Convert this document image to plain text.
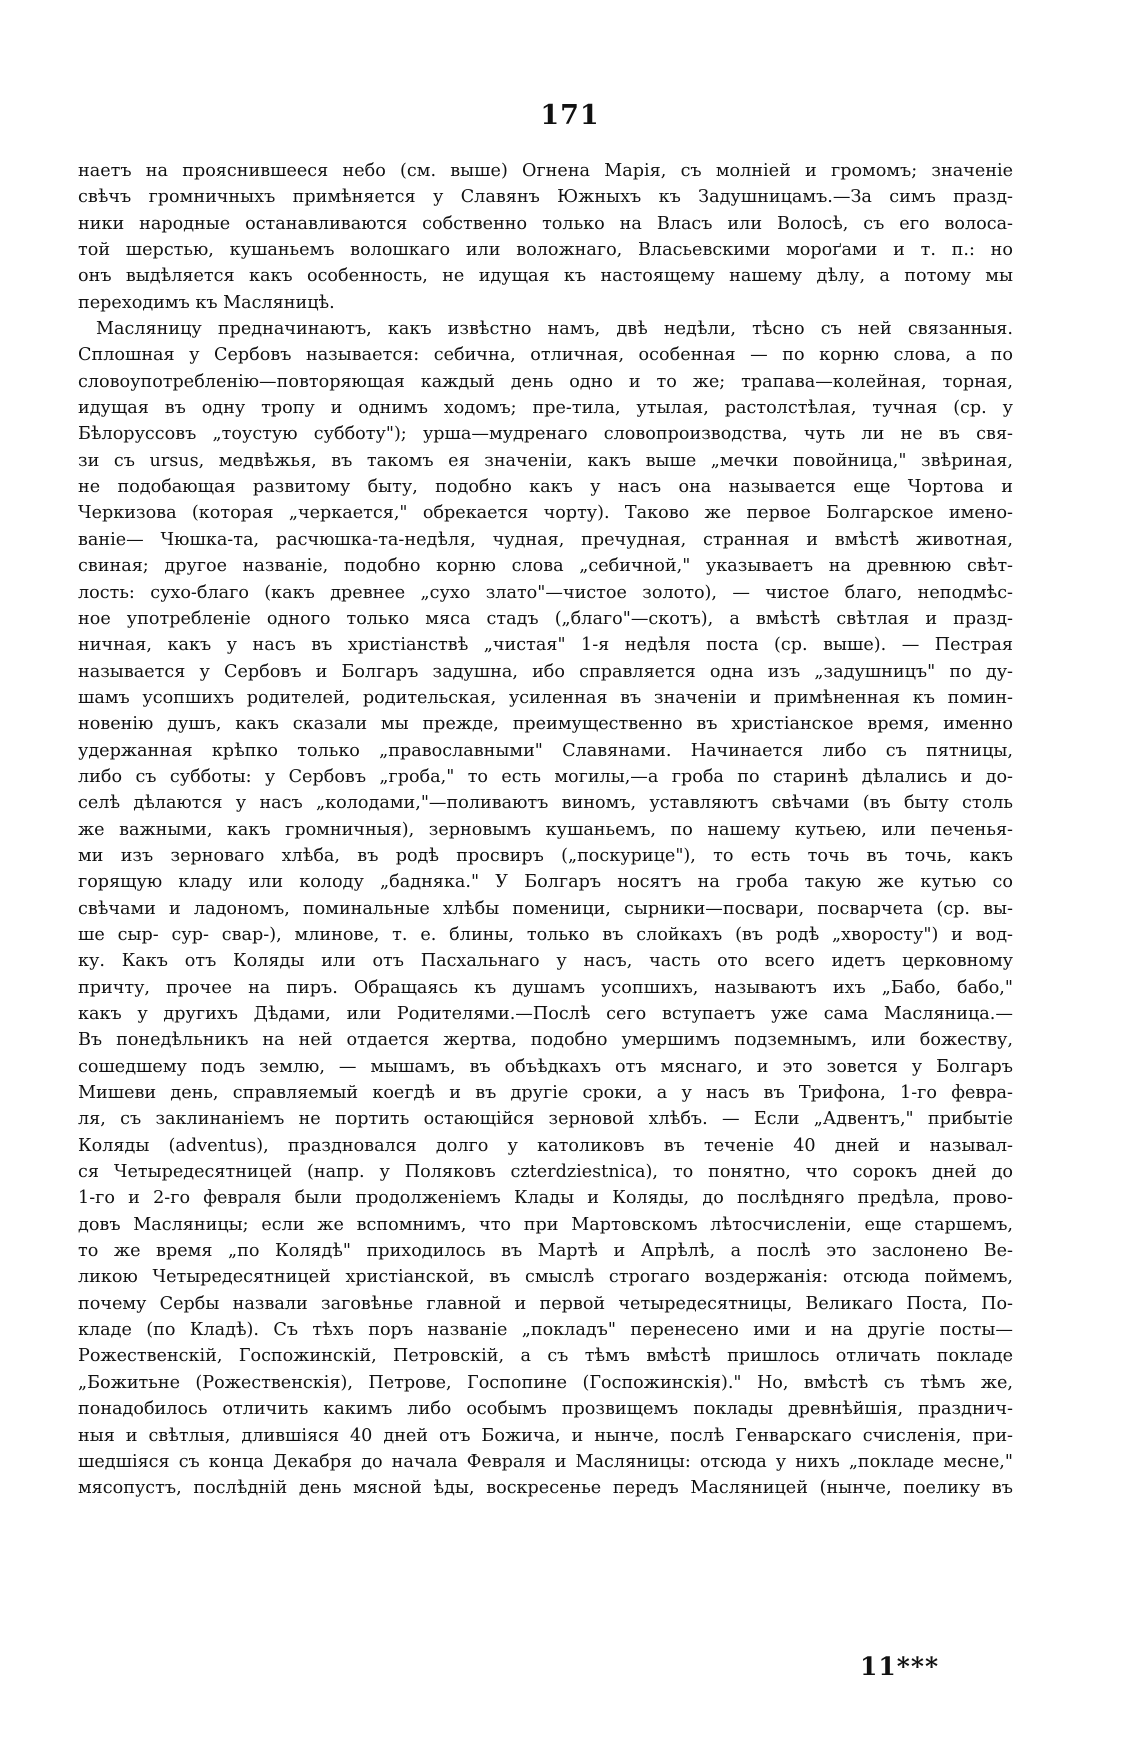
171
наетъ на прояснившееся небо (см. выше) Огнена Марія, съ молніей и громомъ; значеніе
свѣчъ громничныхъ примѣняется у Славянъ Южныхъ къ Задушницамъ.—За симъ празд-
ники народные останавливаются собственно только на Власъ или Волосѣ, съ его волоса-
той шерстью, кушаньемъ волошкаго или воложнаго, Власьевскими мороґами и т. п.: но
онъ выдѣляется какъ особенность, не идущая къ настоящему нашему дѣлу, а потому мы
переходимъ къ Масляницѣ.
Масляницу предначинаютъ, какъ извѣстно намъ, двѣ недѣли, тѣсно съ ней связанныя.
Сплошная у Сербовъ называется: себична, отличная, особенная — по корню слова, а по
словоупотребленію—повторяющая каждый день одно и то же; трапава—колейная, торная,
идущая въ одну тропу и однимъ ходомъ; пре-тила, утылая, растолстѣлая, тучная (ср. у
Бѣлоруссовъ „тоустую субботу"); урша—мудренаго словопроизводства, чуть ли не въ свя-
зи съ ursus, медвѣжья, въ такомъ ея значеніи, какъ выше „мечки повойница," звѣриная,
не подобающая развитому быту, подобно какъ у насъ она называется еще Чортова и
Черкизова (которая „черкается," обрекается чорту). Таково же первое Болгарское имено-
ваніе— Чюшка-та, расчюшка-та-недѣля, чудная, пречудная, странная и вмѣстѣ животная,
свиная; другое названіе, подобно корню слова „себичной," указываетъ на древнюю свѣт-
лость: сухо-благо (какъ древнее „сухо злато"—чистое золото), — чистое благо, неподмѣс-
ное употребленіе одного только мяса стадъ („благо"—скотъ), а вмѣстѣ свѣтлая и празд-
ничная, какъ у насъ въ христіанствѣ „чистая" 1-я недѣля поста (ср. выше). — Пестрая
называется у Сербовъ и Болгаръ задушна, ибо справляется одна изъ „задушницъ" по ду-
шамъ усопшихъ родителей, родительская, усиленная въ значеніи и примѣненная къ помин-
новенію душъ, какъ сказали мы прежде, преимущественно въ христіанское время, именно
удержанная крѣпко только „православными" Славянами. Начинается либо съ пятницы,
либо съ субботы: у Сербовъ „гроба," то есть могилы,—а гроба по старинѣ дѣлались и до-
селѣ дѣлаются у насъ „колодами,"—поливаютъ виномъ, уставляютъ свѣчами (въ быту столь
же важными, какъ громничныя), зерновымъ кушаньемъ, по нашему кутьею, или печенья-
ми изъ зерноваго хлѣба, въ родѣ просвиръ („поскурице"), то есть точь въ точь, какъ
горящую кладу или колоду „бадняка." У Болгаръ носятъ на гроба такую же кутью со
свѣчами и ладономъ, поминальные хлѣбы поменици, сырники—посвари, посварчета (ср. вы-
ше сыр- сур- свар-), млинове, т. е. блины, только въ слойкахъ (въ родѣ „хворосту") и вод-
ку. Какъ отъ Коляды или отъ Пасхальнаго у насъ, часть ото всего идетъ церковному
причту, прочее на пиръ. Обращаясь къ душамъ усопшихъ, называютъ ихъ „Бабо, бабо,"
какъ у другихъ Дѣдами, или Родителями.—Послѣ сего вступаетъ уже сама Масляница.—
Въ понедѣльникъ на ней отдается жертва, подобно умершимъ подземнымъ, или божеству,
сошедшему подъ землю, — мышамъ, въ объѣдкахъ отъ мяснаго, и это зовется у Болгаръ
Мишеви день, справляемый коегдѣ и въ другіе сроки, а у насъ въ Трифона, 1-го февра-
ля, съ заклинаніемъ не портить остающійся зерновой хлѣбъ. — Если „Адвентъ," прибытіе
Коляды (adventus), праздновался долго у католиковъ въ теченіе 40 дней и называл-
ся Четыредесятницей (напр. у Поляковъ czterdziestnica), то понятно, что сорокъ дней до
1-го и 2-го февраля были продолженіемъ Клады и Коляды, до послѣдняго предѣла, прово-
довъ Масляницы; если же вспомнимъ, что при Мартовскомъ лѣтосчисленіи, еще старшемъ,
то же время „по Колядѣ" приходилось въ Мартѣ и Апрѣлѣ, а послѣ это заслонено Ве-
ликою Четыредесятницей христіанской, въ смыслѣ строгаго воздержанія: отсюда поймемъ,
почему Сербы назвали заговѣнье главной и первой четыредесятницы, Великаго Поста, По-
кладе (по Кладѣ). Съ тѣхъ поръ названіе „покладъ" перенесено ими и на другіе посты—
Рожественскій, Госпожинскій, Петровскій, а съ тѣмъ вмѣстѣ пришлось отличать покладе
„Божитьне (Рожественскія), Петрове, Госпопине (Госпожинскія)." Но, вмѣстѣ съ тѣмъ же,
понадобилось отличить какимъ либо особымъ прозвищемъ поклады древнѣйшія, празднич-
ныя и свѣтлыя, длившіяся 40 дней отъ Божича, и нынче, послѣ Генварскаго счисленія, при-
шедшіяся съ конца Декабря до начала Февраля и Масляницы: отсюда у нихъ „покладе месне,"
мясопустъ, послѣдній день мясной ѣды, воскресенье передъ Масляницей (нынче, поелику въ
11***
